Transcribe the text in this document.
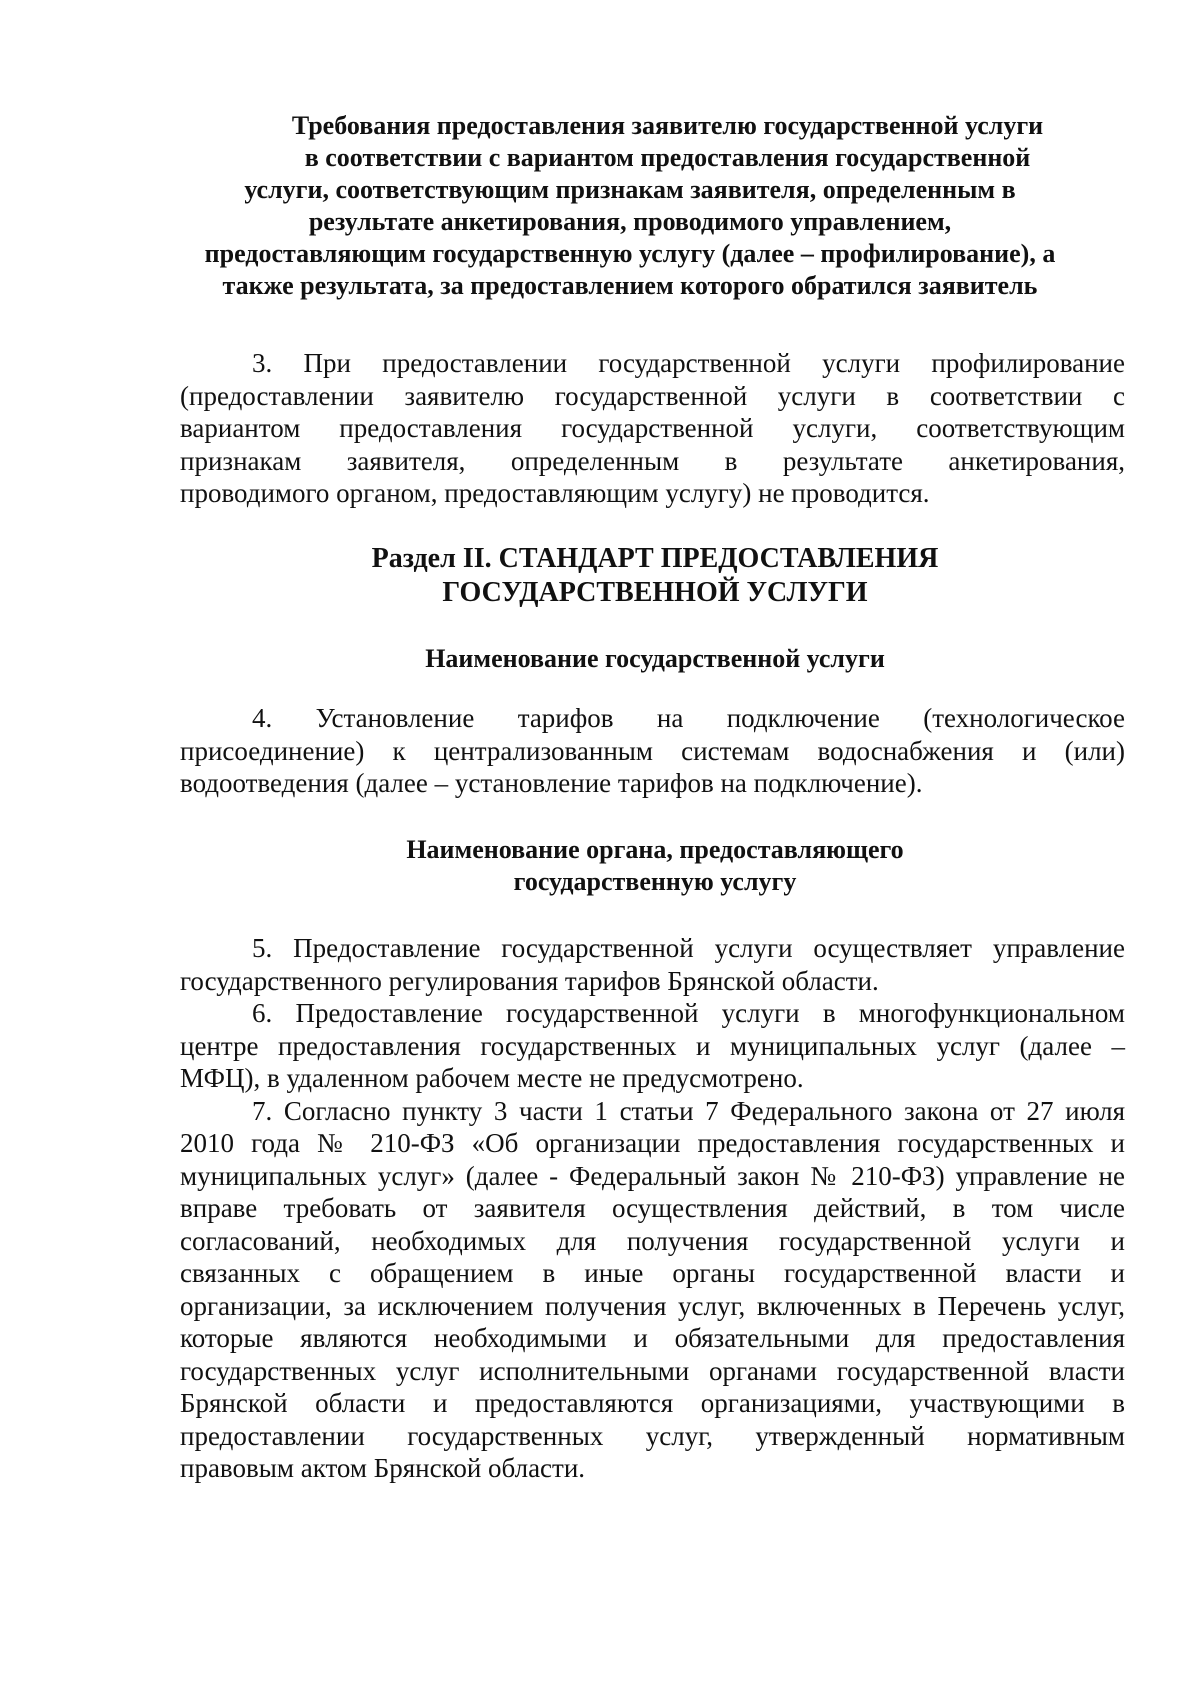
Требования предоставления заявителю государственной услуги
в соответствии с вариантом предоставления государственной
услуги, соответствующим признакам заявителя, определенным в
результате анкетирования, проводимого управлением,
предоставляющим государственную услугу (далее – профилирование), а
также результата, за предоставлением которого обратился заявитель
3. При предоставлении государственной услуги профилирование
(предоставлении заявителю государственной услуги в соответствии с
вариантом предоставления государственной услуги, соответствующим
признакам заявителя, определенным в результате анкетирования,
проводимого органом, предоставляющим услугу) не проводится.
Раздел II. СТАНДАРТ ПРЕДОСТАВЛЕНИЯ
ГОСУДАРСТВЕННОЙ УСЛУГИ
Наименование государственной услуги
4. Установление тарифов на подключение (технологическое
присоединение) к централизованным системам водоснабжения и (или)
водоотведения (далее – установление тарифов на подключение).
Наименование органа, предоставляющего
государственную услугу
5. Предоставление государственной услуги осуществляет управление
государственного регулирования тарифов Брянской области.
6. Предоставление государственной услуги в многофункциональном
центре предоставления государственных и муниципальных услуг (далее –
МФЦ), в удаленном рабочем месте не предусмотрено.
7. Согласно пункту 3 части 1 статьи 7 Федерального закона от 27 июля
2010 года № 210-ФЗ «Об организации предоставления государственных и
муниципальных услуг» (далее - Федеральный закон № 210-ФЗ) управление не
вправе требовать от заявителя осуществления действий, в том числе
согласований, необходимых для получения государственной услуги и
связанных с обращением в иные органы государственной власти и
организации, за исключением получения услуг, включенных в Перечень услуг,
которые являются необходимыми и обязательными для предоставления
государственных услуг исполнительными органами государственной власти
Брянской области и предоставляются организациями, участвующими в
предоставлении государственных услуг, утвержденный нормативным
правовым актом Брянской области.
